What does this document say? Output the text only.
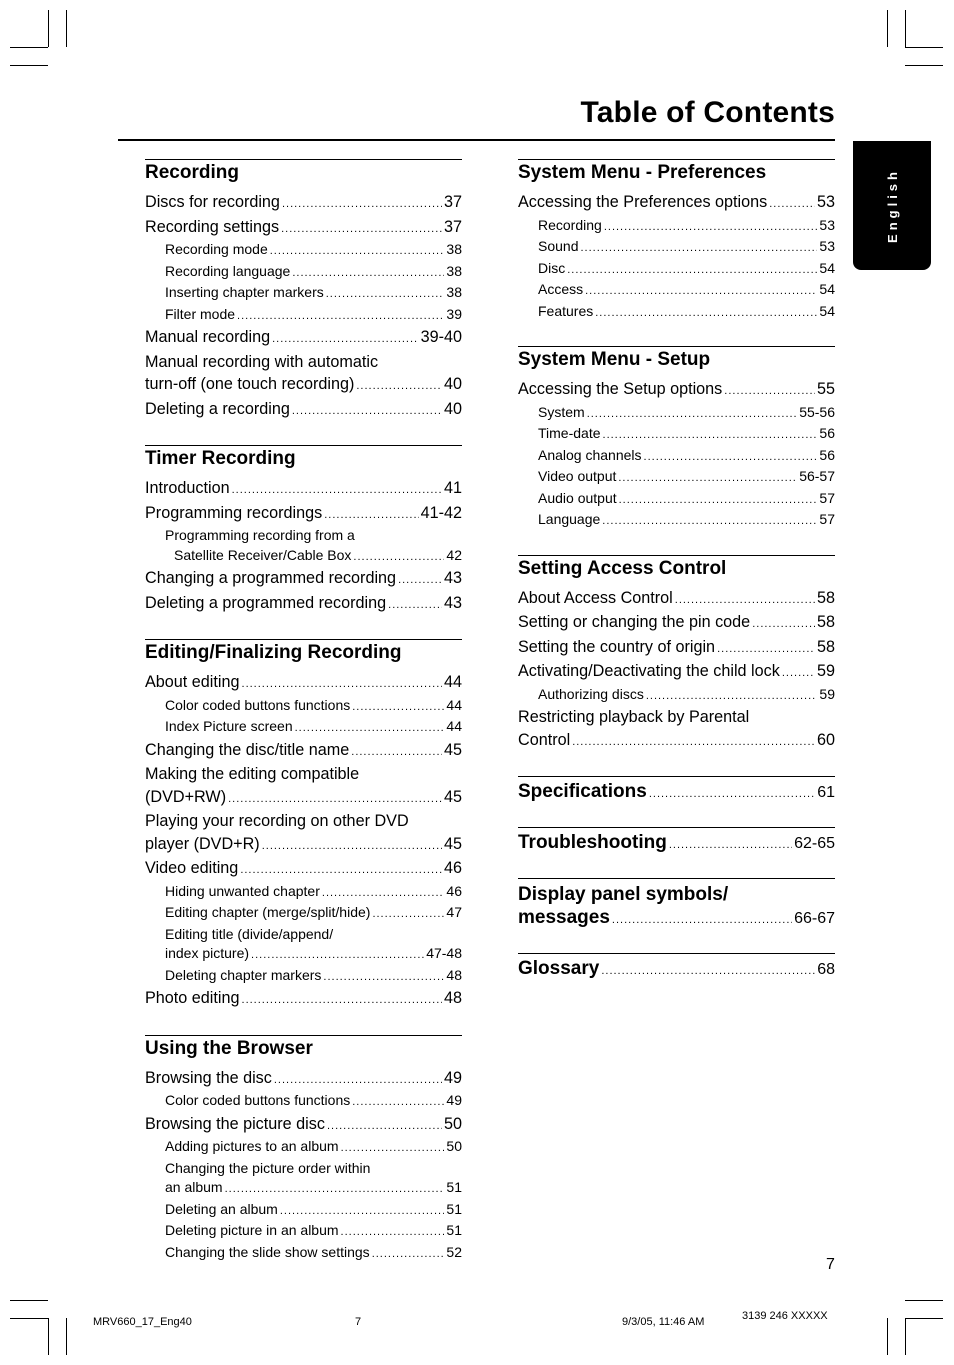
Table of Contents
English
Recording
Discs for recording .....	37
Recording settings .....	37
Recording mode .....	38
Recording language .....	38
Inserting chapter markers .....	38
Filter mode .....	39
Manual recording .....	39-40
Manual recording with automatic
turn-off (one touch recording) .....	40
Deleting a recording .....	40
Timer Recording
Introduction .....	41
Programming recordings .....	41-42
Programming recording from a
Satellite Receiver/Cable Box .....	42
Changing a programmed recording .....	43
Deleting a programmed recording .....	43
Editing/Finalizing Recording
About editing .....	44
Color coded buttons functions .....	44
Index Picture screen .....	44
Changing the disc/title name .....	45
Making the editing compatible
(DVD+RW) .....	45
Playing your recording on other DVD
player (DVD+R) .....	45
Video editing .....	46
Hiding unwanted chapter .....	46
Editing chapter (merge/split/hide) .....	47
Editing title (divide/append/
index picture) .....	47-48
Deleting chapter markers .....	48
Photo editing .....	48
Using the Browser
Browsing the disc .....	49
Color coded buttons functions .....	49
Browsing the picture disc .....	50
Adding pictures to an album .....	50
Changing the picture order within
an album .....	51
Deleting an album .....	51
Deleting picture in an album .....	51
Changing the slide show settings .....	52
System Menu - Preferences
Accessing the Preferences options .....	53
Recording .....	53
Sound .....	53
Disc .....	54
Access .....	54
Features .....	54
System Menu - Setup
Accessing the Setup options .....	55
System .....	55-56
Time-date .....	56
Analog channels .....	56
Video output .....	56-57
Audio output .....	57
Language .....	57
Setting Access Control
About Access Control .....	58
Setting or changing the pin code .....	58
Setting the country of origin .....	58
Activating/Deactivating the child lock ..... 59
Authorizing discs .....	59
Restricting playback by Parental
Control .....	60
Specifications .....	61
Troubleshooting .....	62-65
Display panel symbols/
messages .....	66-67
Glossary .....	68
7
MRV660_17_Eng40	7	9/3/05, 11:46 AM	3139 246 XXXXX
